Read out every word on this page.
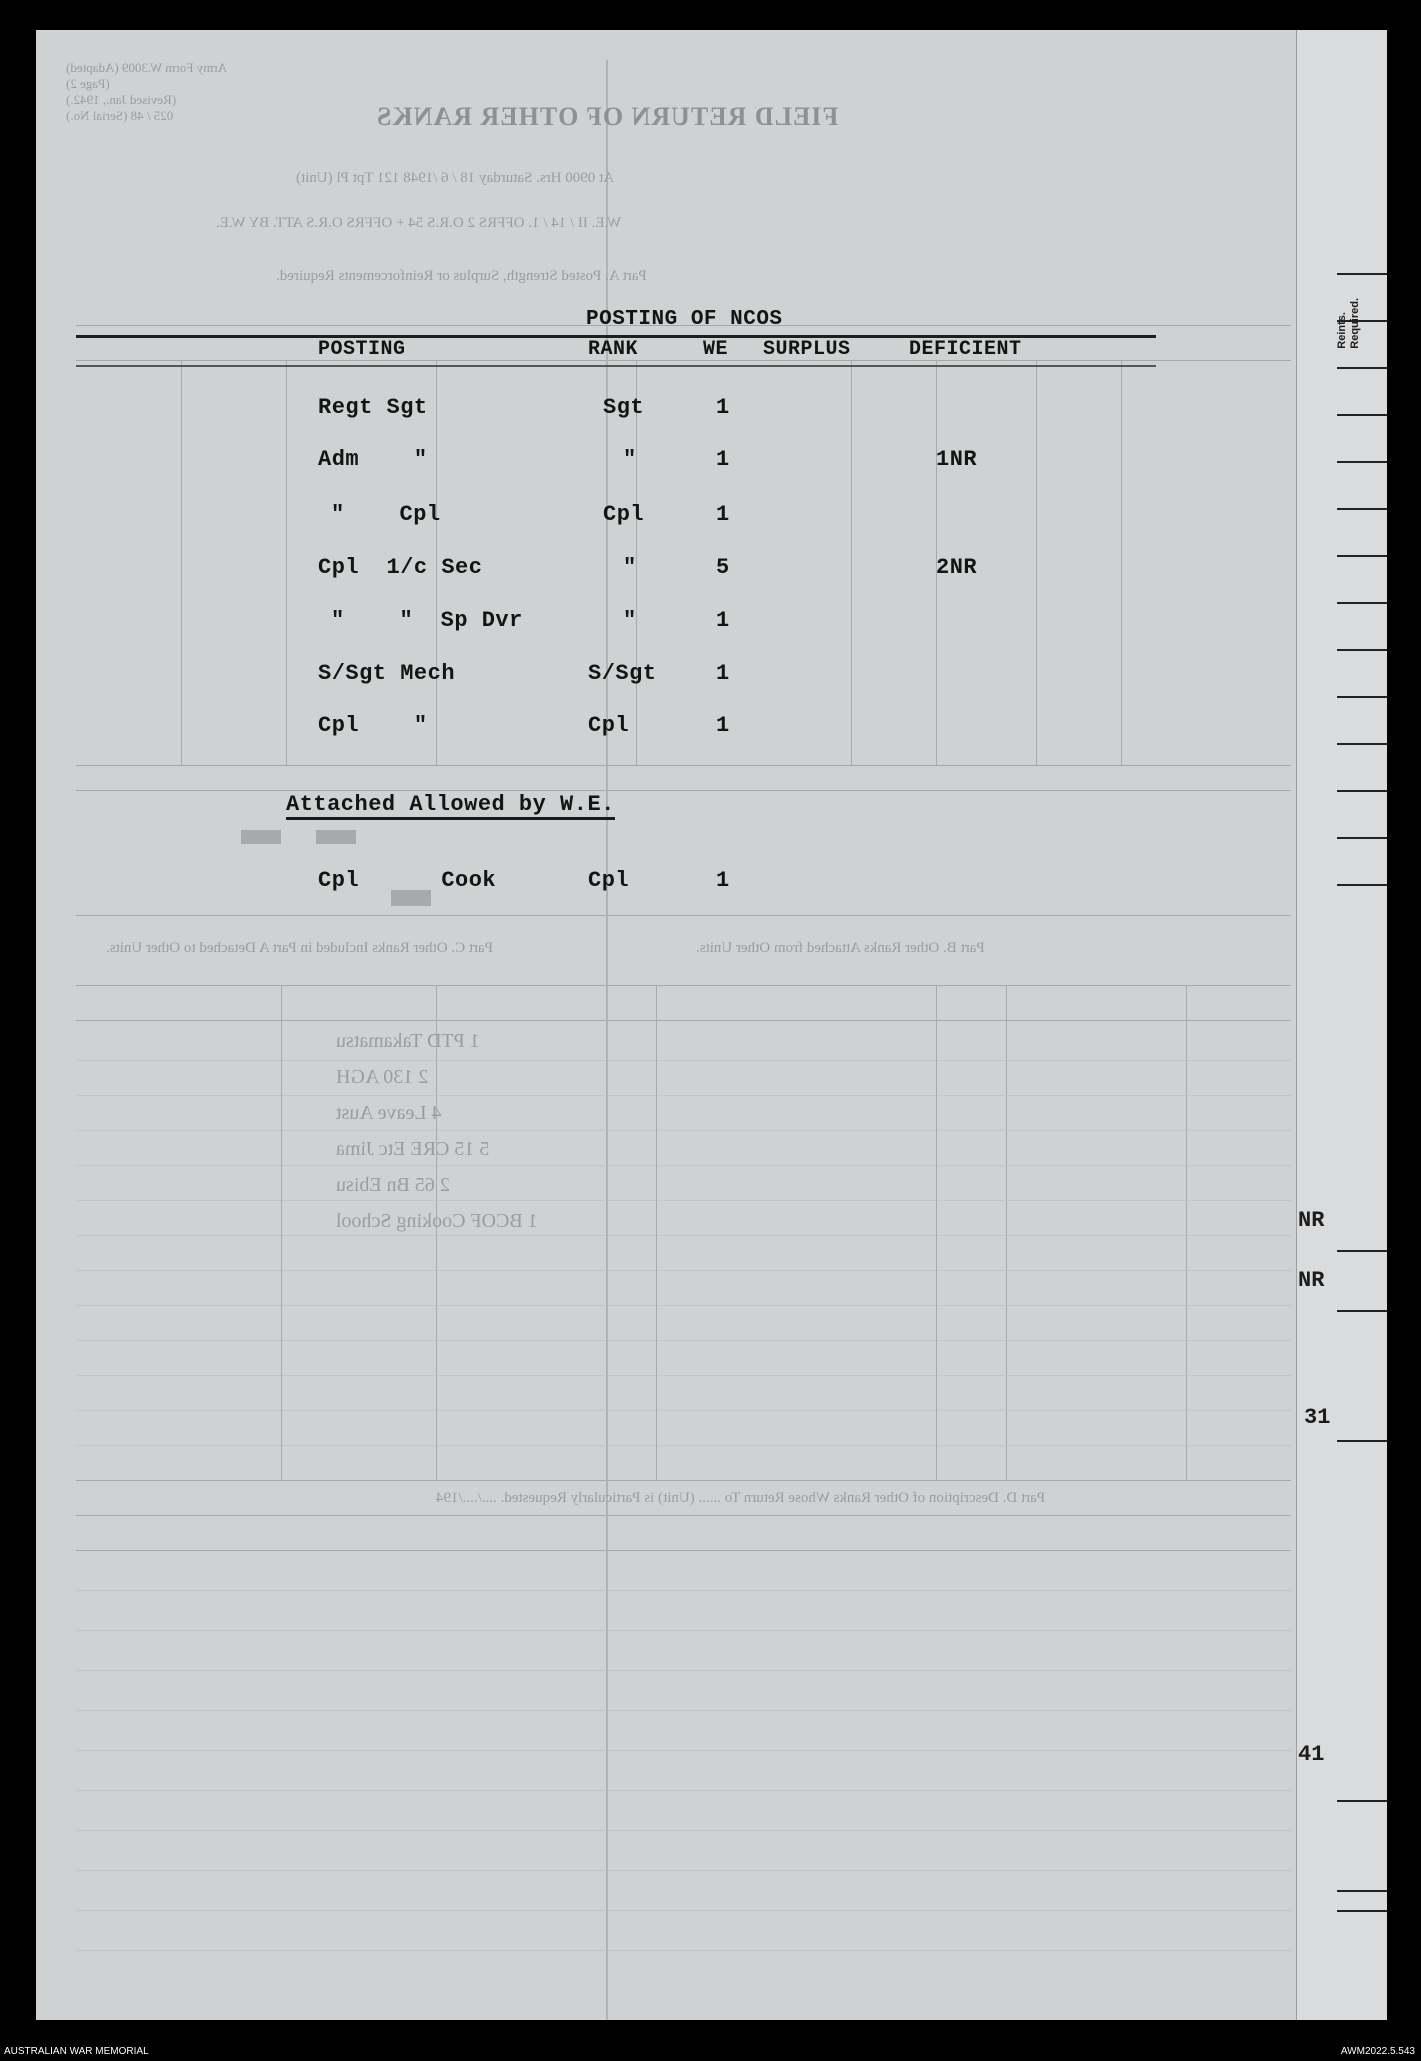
Reints.
Required.
Army Form W.3009 (Adapted)
(Page 2)
(Revised Jan., 1942.)
025 / 48 (Serial No.)	FIELD RETURN OF OTHER RANKS
At 0900 Hrs. Saturday 18 / 6 /1948 121 Tpt Pl (Unit)
W.E. II / 14 / 1. OFFRS 2 O.R.S 54 + OFFRS O.R.S ATT. BY W.E.
Part A. Posted Strength, Surplus or Reinforcements Required.
Part B. Other Ranks Attached from Other Units.
Part C. Other Ranks Included in Part A Detached to Other Units.
Part D. Description of Other Ranks Whose Return To ...... (Unit) is Particularly Requested. ..../..../194
1 PTD Takamatsu
2 130 AGH
4 Leave Aust
5 15 CRE Etc Jima
2 65 Bn Ebisu
1 BCOF Cooking School
POSTING OF NCOS
POSTING	RANK	WE SURPLUS	DEFICIENT
Regt Sgt	Sgt	1
Adm    "	"	1	1NR
"    Cpl	Cpl	1
Cpl  1/c Sec	"	5	2NR
"    "  Sp Dvr	"	1
S/Sgt Mech	S/Sgt	1
Cpl    "	Cpl	1
Attached Allowed by W.E.
Cpl      Cook	Cpl	1
NR
NR
31
41
AUSTRALIAN WAR MEMORIAL	AWM2022.5.543
